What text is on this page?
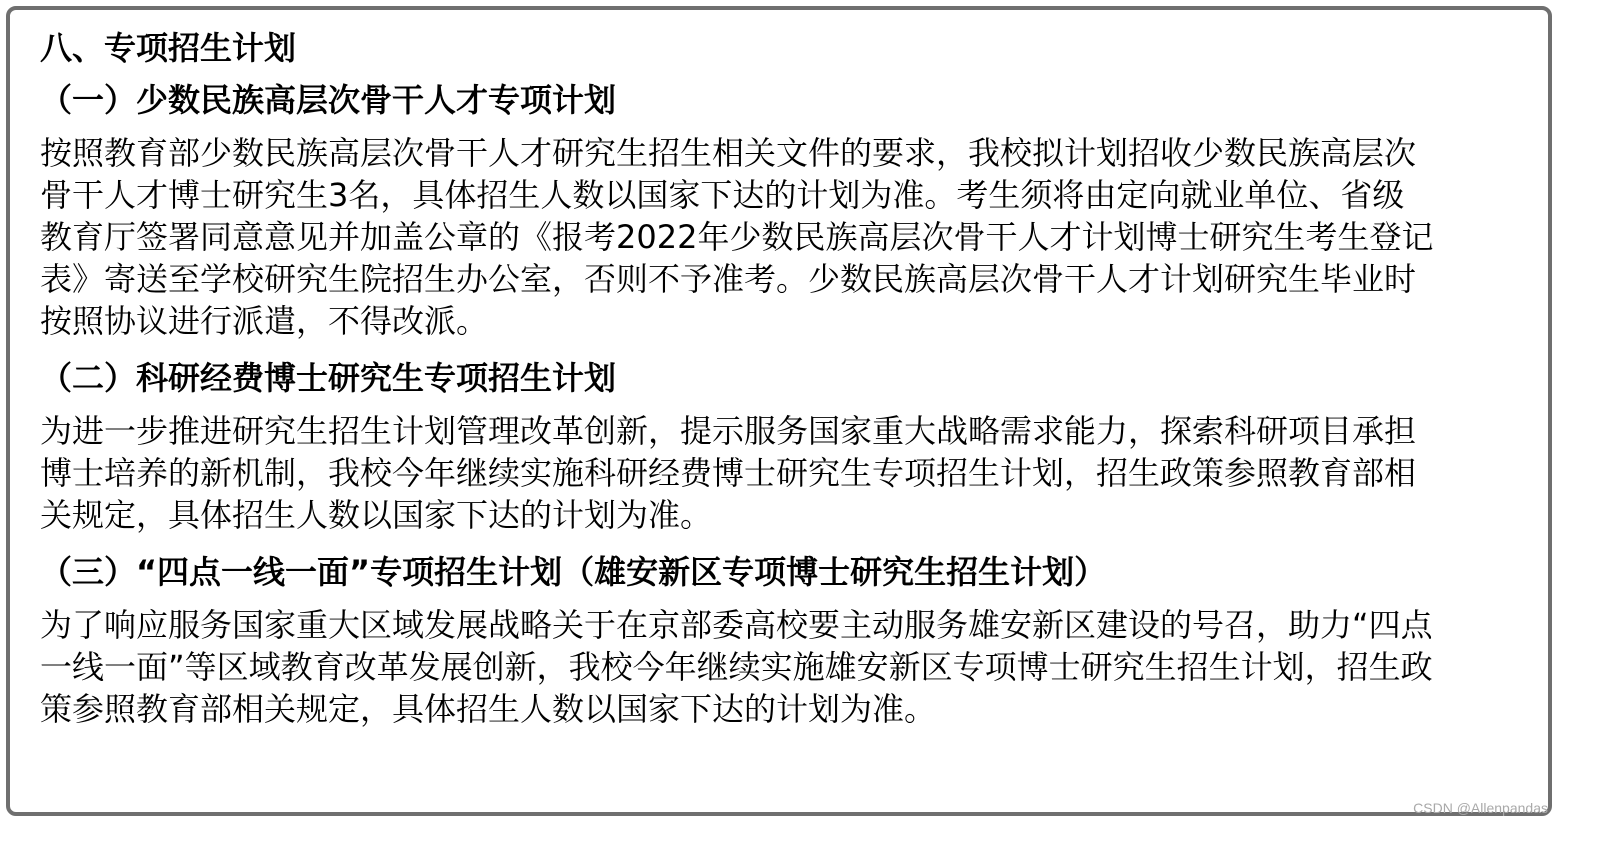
八、专项招生计划
（一）少数民族高层次骨干人才专项计划
按照教育部少数民族高层次骨干人才研究生招生相关文件的要求，我校拟计划招收少数民族高层次骨干人才博士研究生3名，具体招生人数以国家下达的计划为准。考生须将由定向就业单位、省级教育厅签署同意意见并加盖公章的《报考2022年少数民族高层次骨干人才计划博士研究生考生登记表》寄送至学校研究生院招生办公室，否则不予准考。少数民族高层次骨干人才计划研究生毕业时按照协议进行派遣，不得改派。
（二）科研经费博士研究生专项招生计划
为进一步推进研究生招生计划管理改革创新，提示服务国家重大战略需求能力，探索科研项目承担博士培养的新机制，我校今年继续实施科研经费博士研究生专项招生计划，招生政策参照教育部相关规定，具体招生人数以国家下达的计划为准。
（三）“四点一线一面”专项招生计划（雄安新区专项博士研究生招生计划）
为了响应服务国家重大区域发展战略关于在京部委高校要主动服务雄安新区建设的号召，助力“四点一线一面”等区域教育改革发展创新，我校今年继续实施雄安新区专项博士研究生招生计划，招生政策参照教育部相关规定，具体招生人数以国家下达的计划为准。
CSDN @Allenpandas
